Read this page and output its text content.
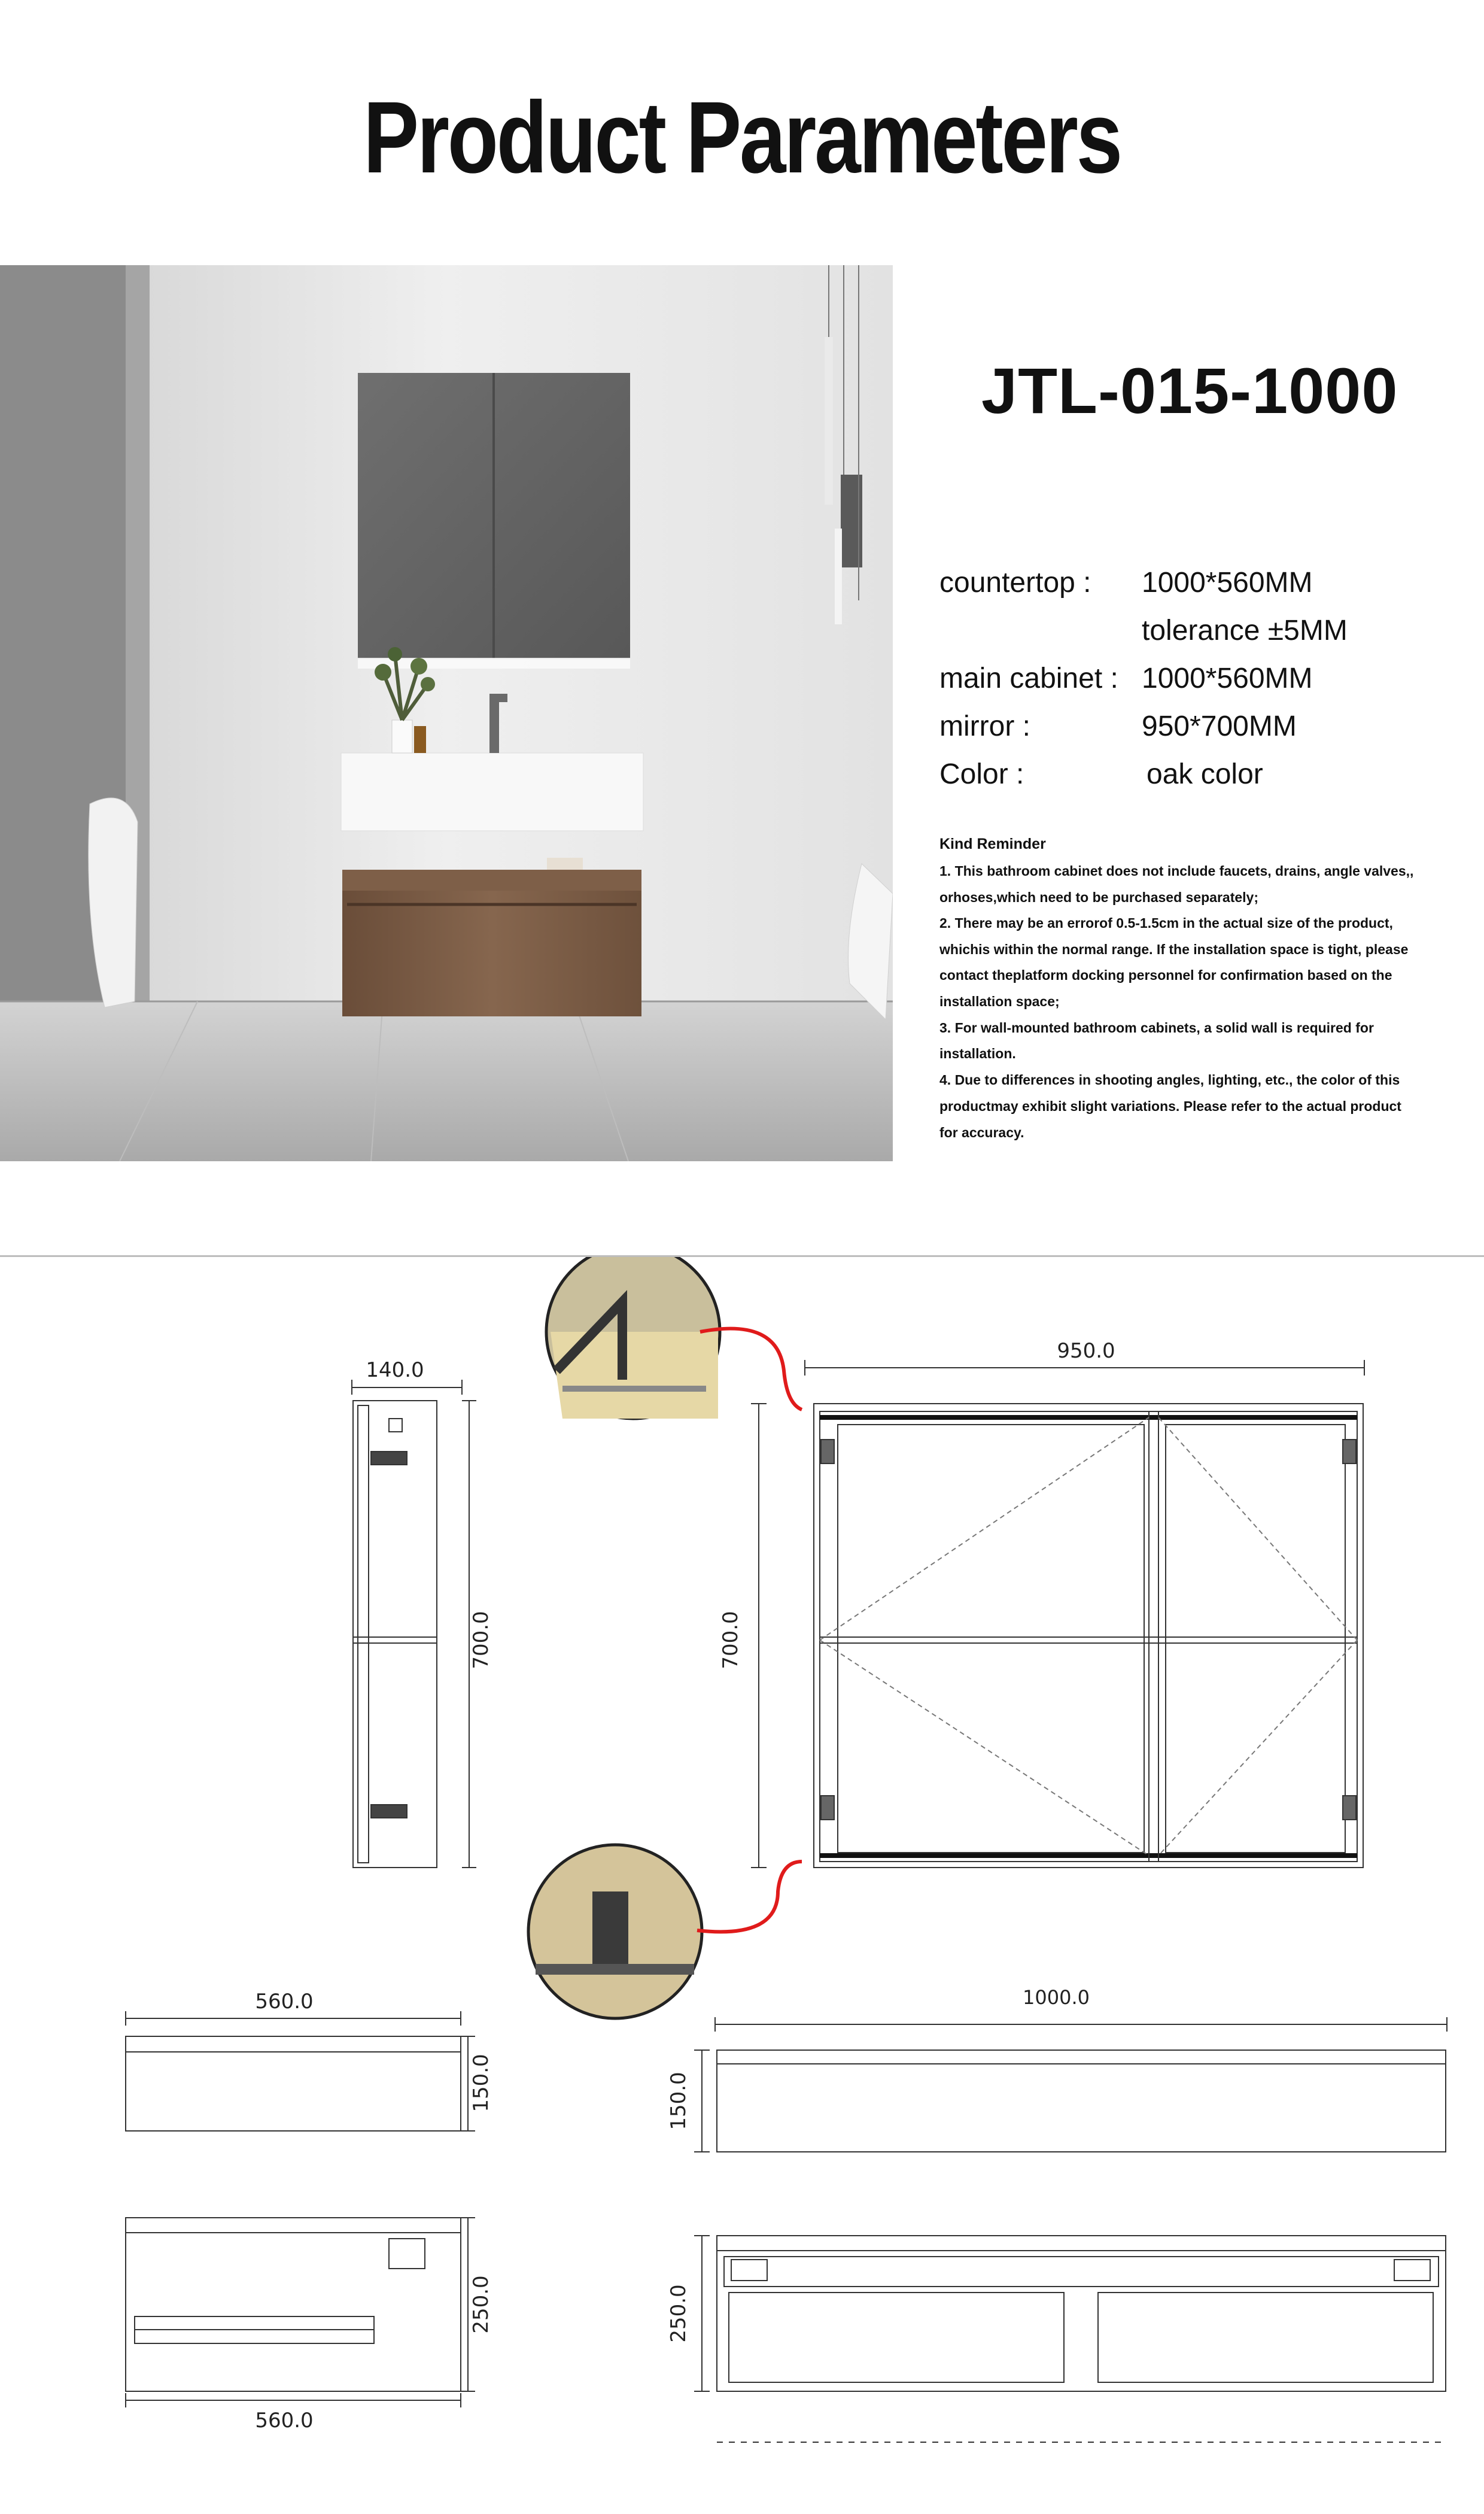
Product Parameters
JTL-015-1000
countertop : 1000*560MM
tolerance ±5MM
main cabinet : 1000*560MM
mirror :	950*700MM
Color :	oak color
Kind Reminder
1. This bathroom cabinet does not include faucets, drains, angle valves,,
orhoses,which need to be purchased separately;
2. There may be an errorof 0.5-1.5cm in the actual size of the product,
whichis within the normal range. If the installation space is tight, please
contact theplatform docking personnel for confirmation based on the
installation space;
3. For wall-mounted bathroom cabinets, a solid wall is required for
installation.
4. Due to differences in shooting angles, lighting, etc., the color of this
productmay exhibit slight variations. Please refer to the actual product
for accuracy.
140.0
700.0
950.0
700.0
560.0
150.0
1000.0
150.0
250.0
560.0
250.0
